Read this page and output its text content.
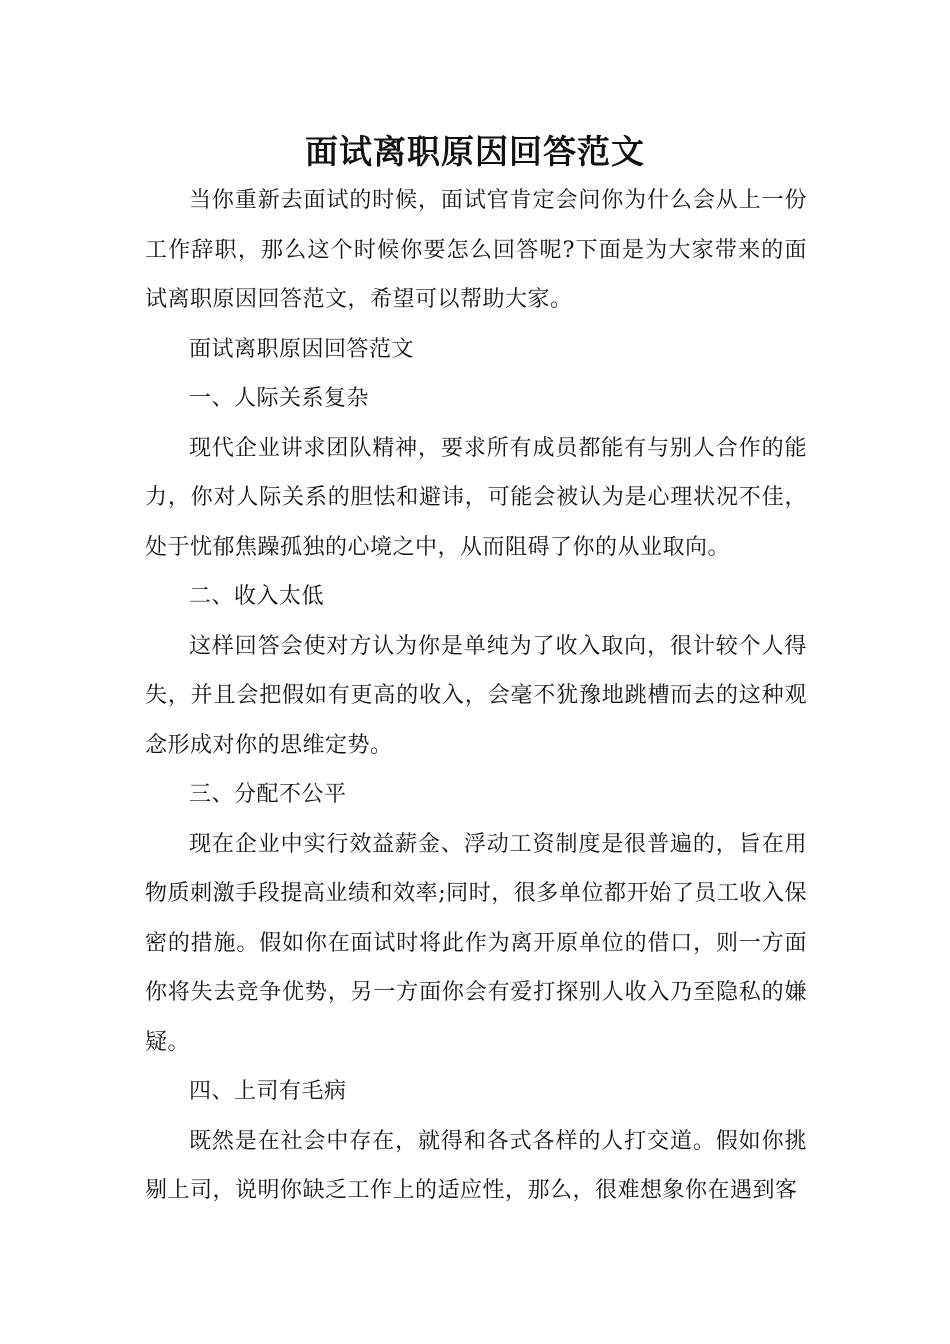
面试离职原因回答范文

当你重新去面试的时候，面试官肯定会问你为什么会从上一份工作辞职，那么这个时候你要怎么回答呢?下面是为大家带来的面试离职原因回答范文，希望可以帮助大家。

面试离职原因回答范文

一、人际关系复杂

现代企业讲求团队精神，要求所有成员都能有与别人合作的能力，你对人际关系的胆怯和避讳，可能会被认为是心理状况不佳，处于忧郁焦躁孤独的心境之中，从而阻碍了你的从业取向。

二、收入太低

这样回答会使对方认为你是单纯为了收入取向，很计较个人得失，并且会把假如有更高的收入，会毫不犹豫地跳槽而去的这种观念形成对你的思维定势。

三、分配不公平

现在企业中实行效益薪金、浮动工资制度是很普遍的，旨在用物质刺激手段提高业绩和效率;同时，很多单位都开始了员工收入保密的措施。假如你在面试时将此作为离开原单位的借口，则一方面你将失去竞争优势，另一方面你会有爱打探别人收入乃至隐私的嫌疑。

四、上司有毛病

既然是在社会中存在，就得和各式各样的人打交道。假如你挑剔上司，说明你缺乏工作上的适应性，那么，很难想象你在遇到客
